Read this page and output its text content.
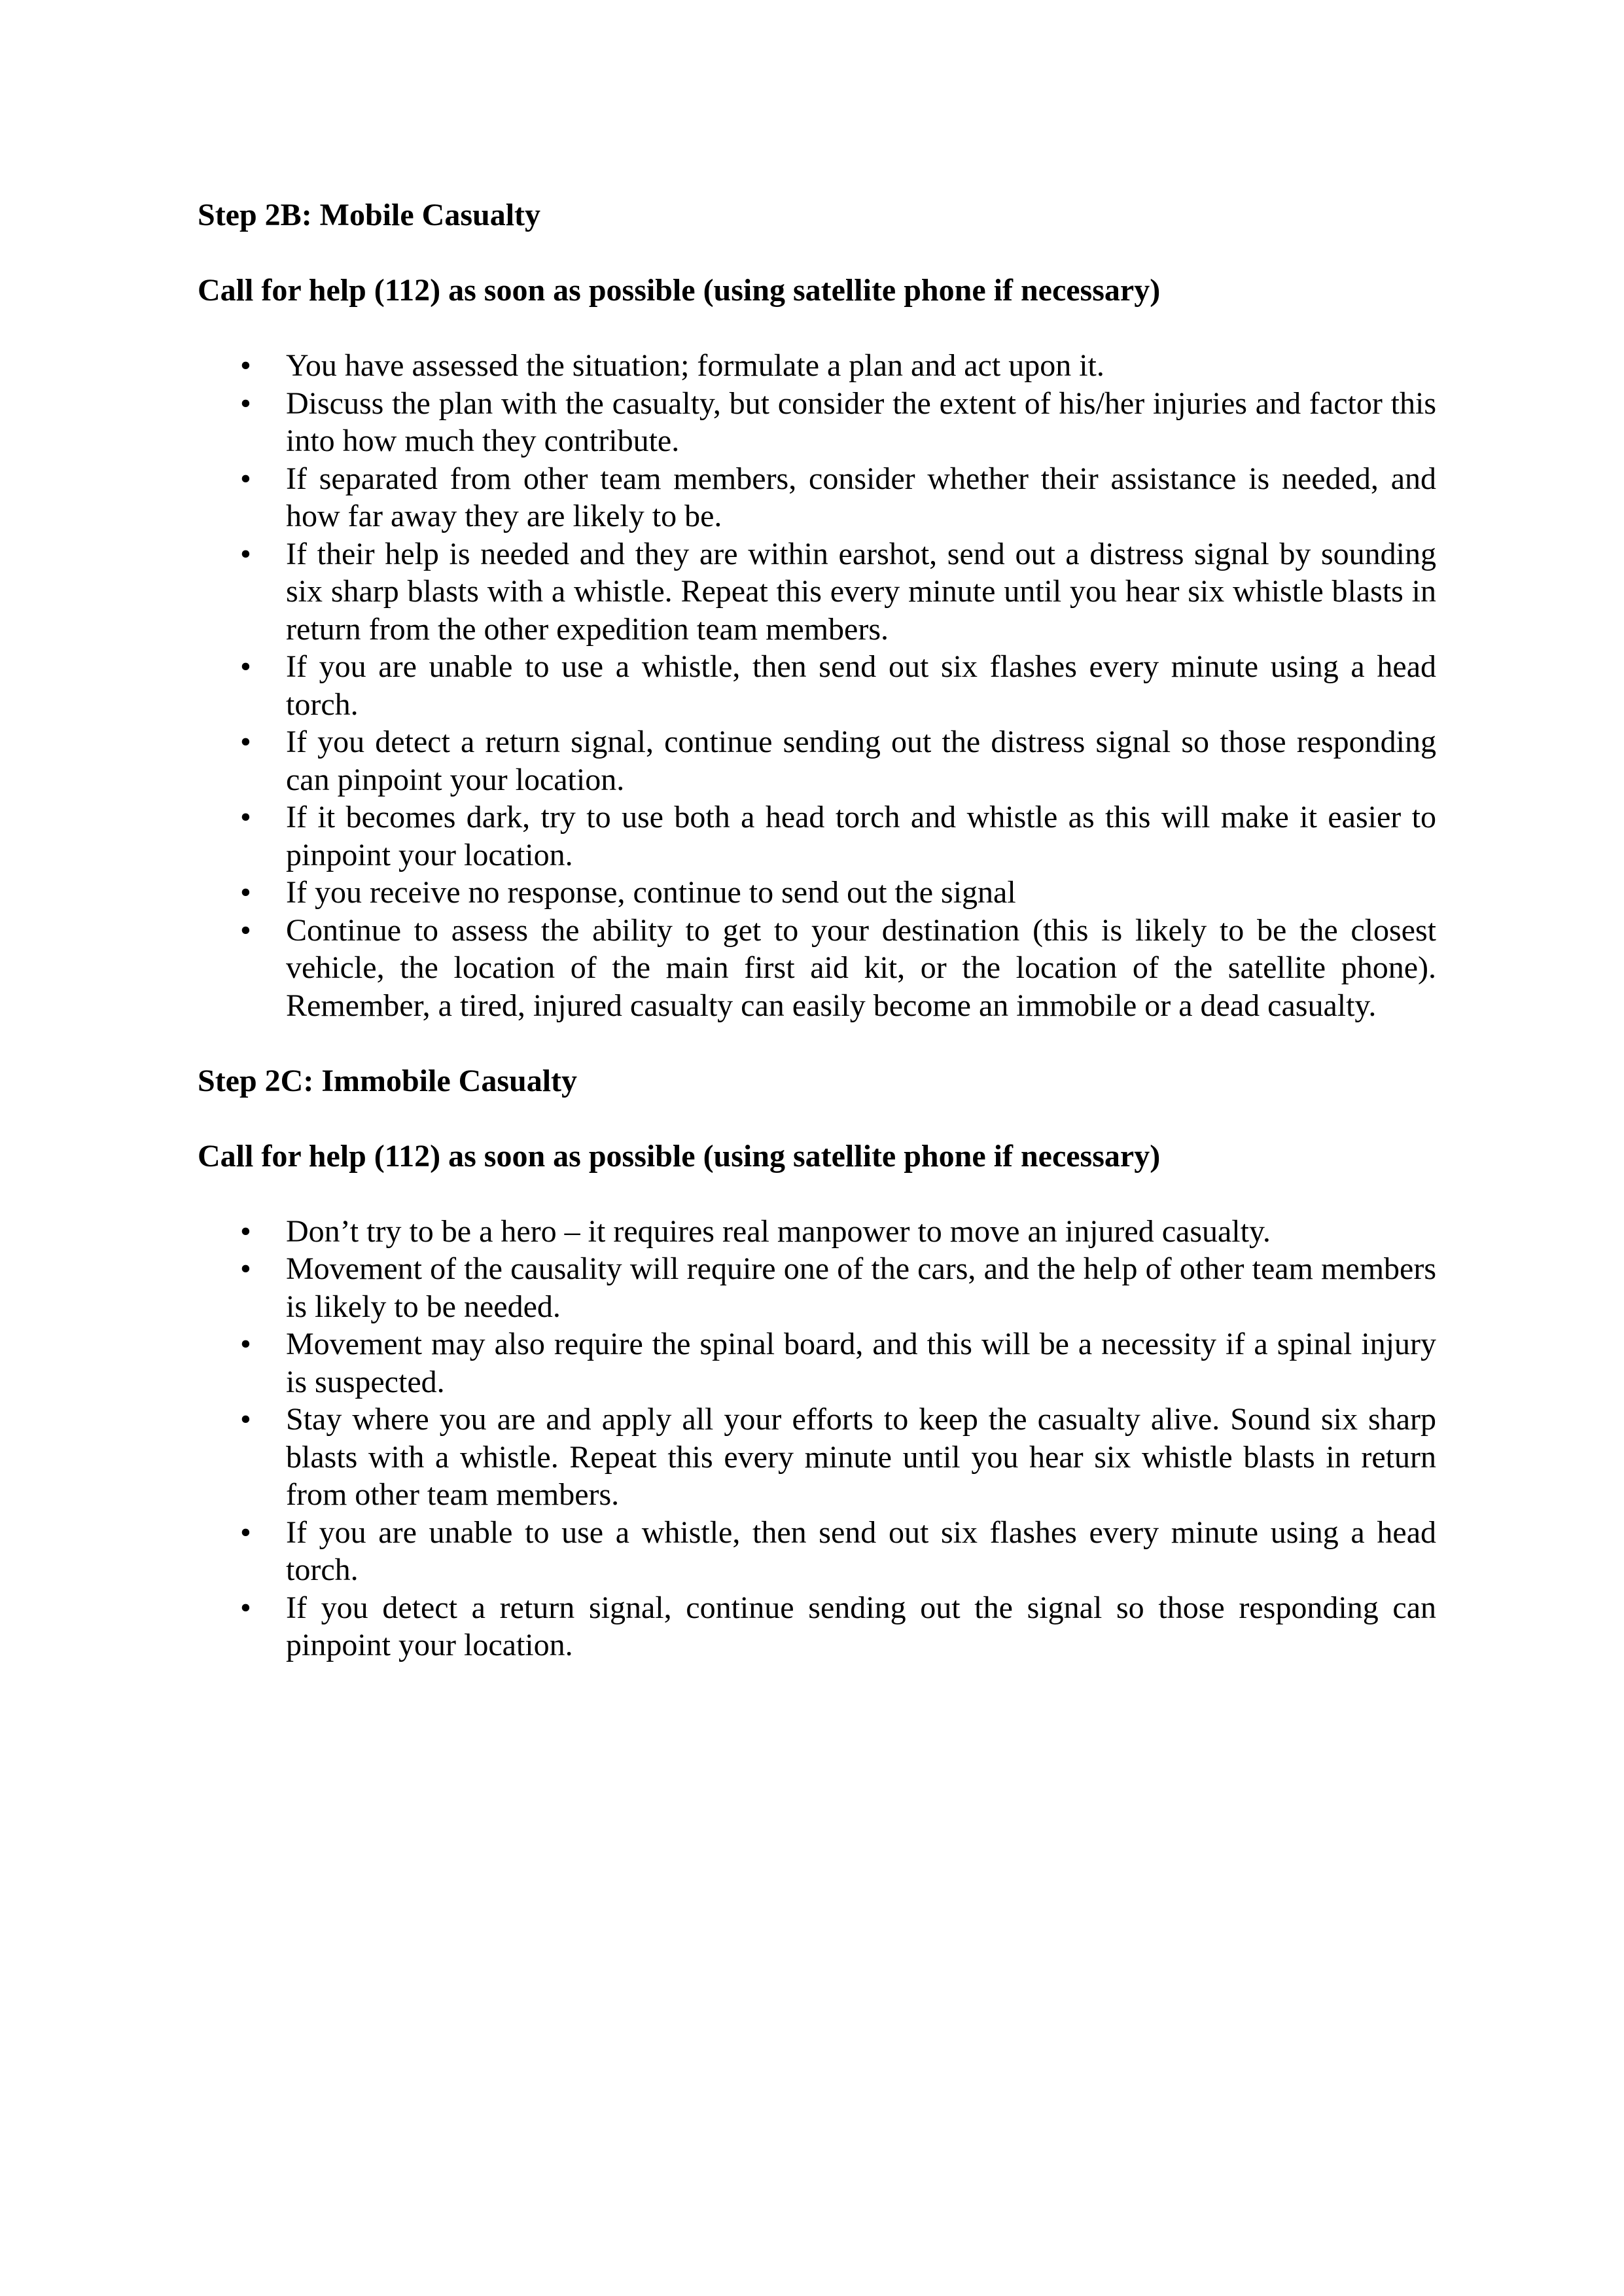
Step 2B: Mobile Casualty
Call for help (112) as soon as possible (using satellite phone if necessary)
• You have assessed the situation; formulate a plan and act upon it.
• Discuss the plan with the casualty, but consider the extent of his/her injuries and factor this into how much they contribute.
• If separated from other team members, consider whether their assistance is needed, and how far away they are likely to be.
• If their help is needed and they are within earshot, send out a distress signal by sounding six sharp blasts with a whistle. Repeat this every minute until you hear six whistle blasts in return from the other expedition team members.
• If you are unable to use a whistle, then send out six flashes every minute using a head torch.
• If you detect a return signal, continue sending out the distress signal so those responding can pinpoint your location.
• If it becomes dark, try to use both a head torch and whistle as this will make it easier to pinpoint your location.
• If you receive no response, continue to send out the signal
• Continue to assess the ability to get to your destination (this is likely to be the closest vehicle, the location of the main first aid kit, or the location of the satellite phone). Remember, a tired, injured casualty can easily become an immobile or a dead casualty.
Step 2C: Immobile Casualty
Call for help (112) as soon as possible (using satellite phone if necessary)
• Don’t try to be a hero – it requires real manpower to move an injured casualty.
• Movement of the causality will require one of the cars, and the help of other team members is likely to be needed.
• Movement may also require the spinal board, and this will be a necessity if a spinal injury is suspected.
• Stay where you are and apply all your efforts to keep the casualty alive. Sound six sharp blasts with a whistle. Repeat this every minute until you hear six whistle blasts in return from other team members.
• If you are unable to use a whistle, then send out six flashes every minute using a head torch.
• If you detect a return signal, continue sending out the signal so those responding can pinpoint your location.
